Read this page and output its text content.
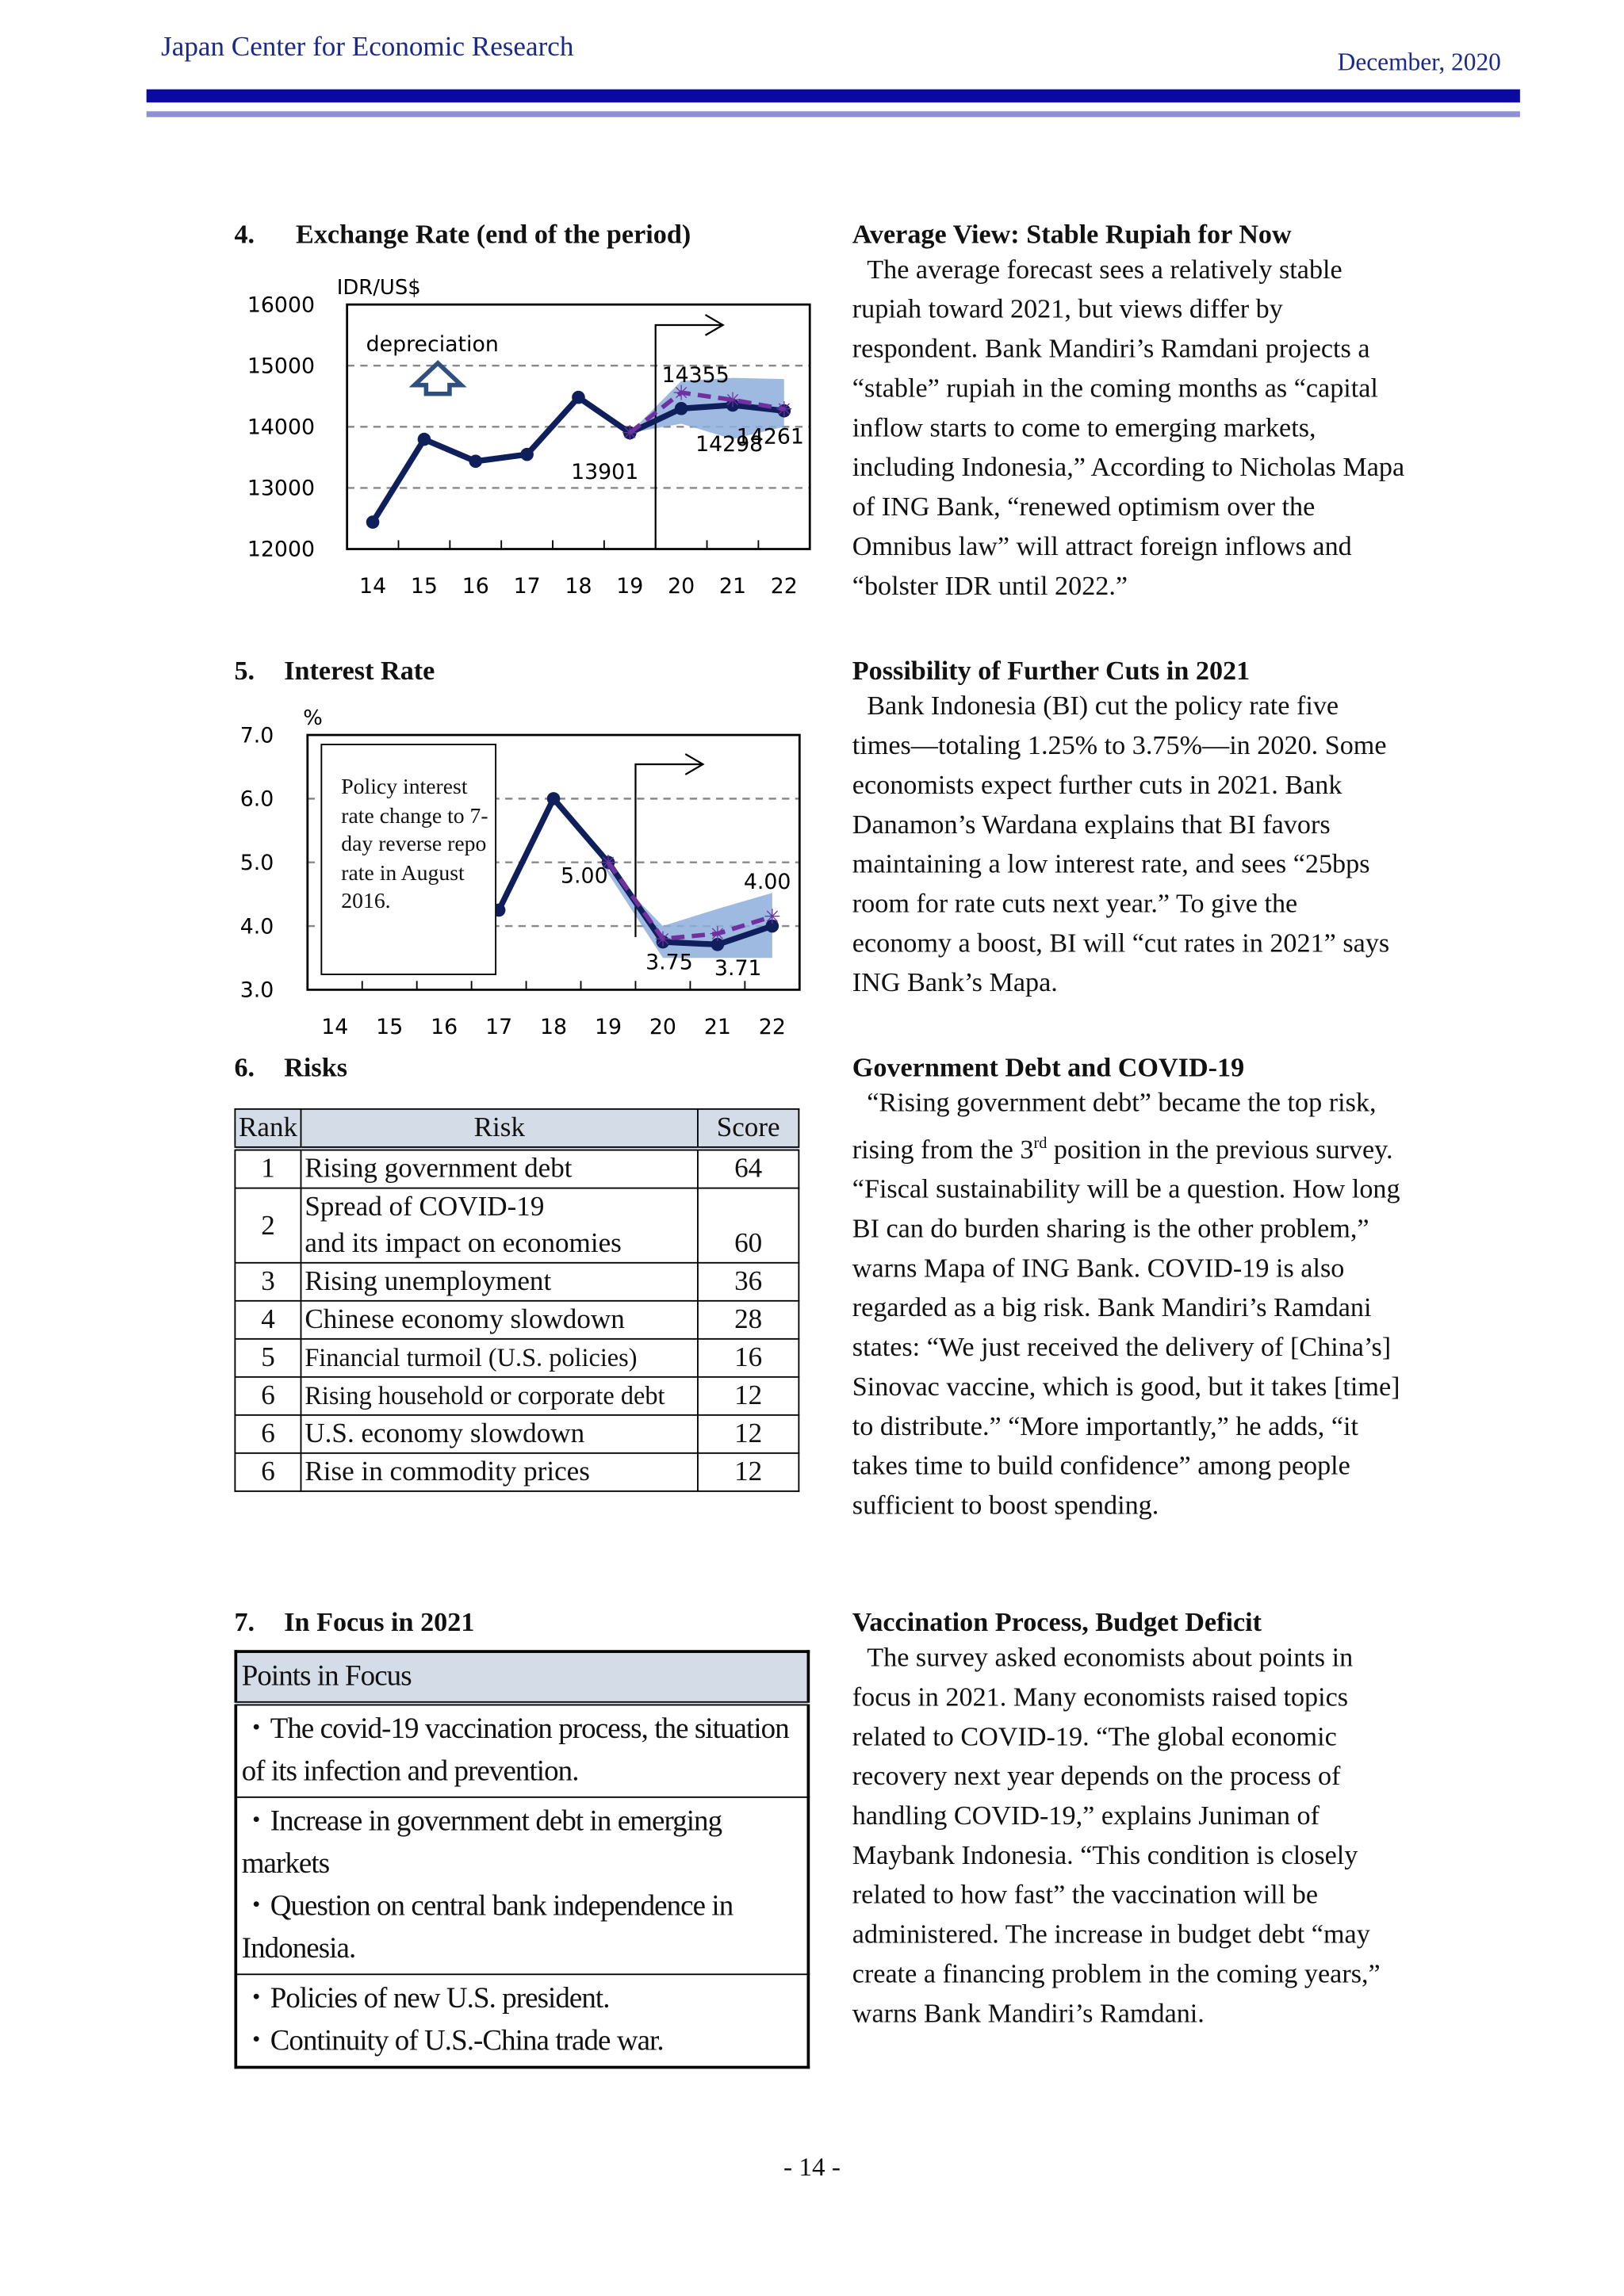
Japan Center for Economic Research	December, 2020
4.	Exchange Rate (end of the period)
16000
15000
14000
13000
12000
14 15 16 17 18 19 20 21 22
IDR/US$
✳
✳	✳	✳
13901
14298
14355
14261
depreciation
5. Interest Rate
7.0
6.0
5.0
4.0
3.0
14 15 16 17 18 19 20 21 22
%
✳
✳	✳
✳
5.00
3.75 3.71
4.00
Policy interest rate change to 7-day reverse repo rate in August 2016.
6. Risks
Rank	Risk	Score
1	Rising government debt	64
2	Spread of COVID-19
and its impact on economies	60
3	Rising unemployment	36
4	Chinese economy slowdown	28
5	Financial turmoil (U.S. policies)	16
6	Rising household or corporate debt	12
6	U.S. economy slowdown	12
6	Rise in commodity prices	12
7. In Focus in 2021
Points in Focus

・The covid-19 vaccination process, the situation of its infection and prevention.

・Increase in government debt in emerging markets
・Question on central bank independence in Indonesia.

・Policies of new U.S. president.
・Continuity of U.S.-China trade war.
Average View: Stable Rupiah for Now
The average forecast sees a relatively stable rupiah toward 2021, but views differ by respondent. Bank Mandiri’s Ramdani projects a “stable” rupiah in the coming months as “capital inflow starts to come to emerging markets, including Indonesia,” According to Nicholas Mapa of ING Bank, “renewed optimism over the Omnibus law” will attract foreign inflows and “bolster IDR until 2022.”
Possibility of Further Cuts in 2021
Bank Indonesia (BI) cut the policy rate five times—totaling 1.25% to 3.75%—in 2020. Some economists expect further cuts in 2021. Bank Danamon’s Wardana explains that BI favors maintaining a low interest rate, and sees “25bps room for rate cuts next year.” To give the economy a boost, BI will “cut rates in 2021” says ING Bank’s Mapa.
Government Debt and COVID-19
“Rising government debt” became the top risk, rising from the 3rd position in the previous survey. “Fiscal sustainability will be a question. How long BI can do burden sharing is the other problem,” warns Mapa of ING Bank. COVID-19 is also regarded as a big risk. Bank Mandiri’s Ramdani states: “We just received the delivery of [China’s] Sinovac vaccine, which is good, but it takes [time] to distribute.” “More importantly,” he adds, “it takes time to build confidence” among people sufficient to boost spending.
Vaccination Process, Budget Deficit
The survey asked economists about points in focus in 2021. Many economists raised topics related to COVID-19. “The global economic recovery next year depends on the process of handling COVID-19,” explains Juniman of Maybank Indonesia. “This condition is closely related to how fast” the vaccination will be administered. The increase in budget debt “may create a financing problem in the coming years,” warns Bank Mandiri’s Ramdani.
- 14 -
